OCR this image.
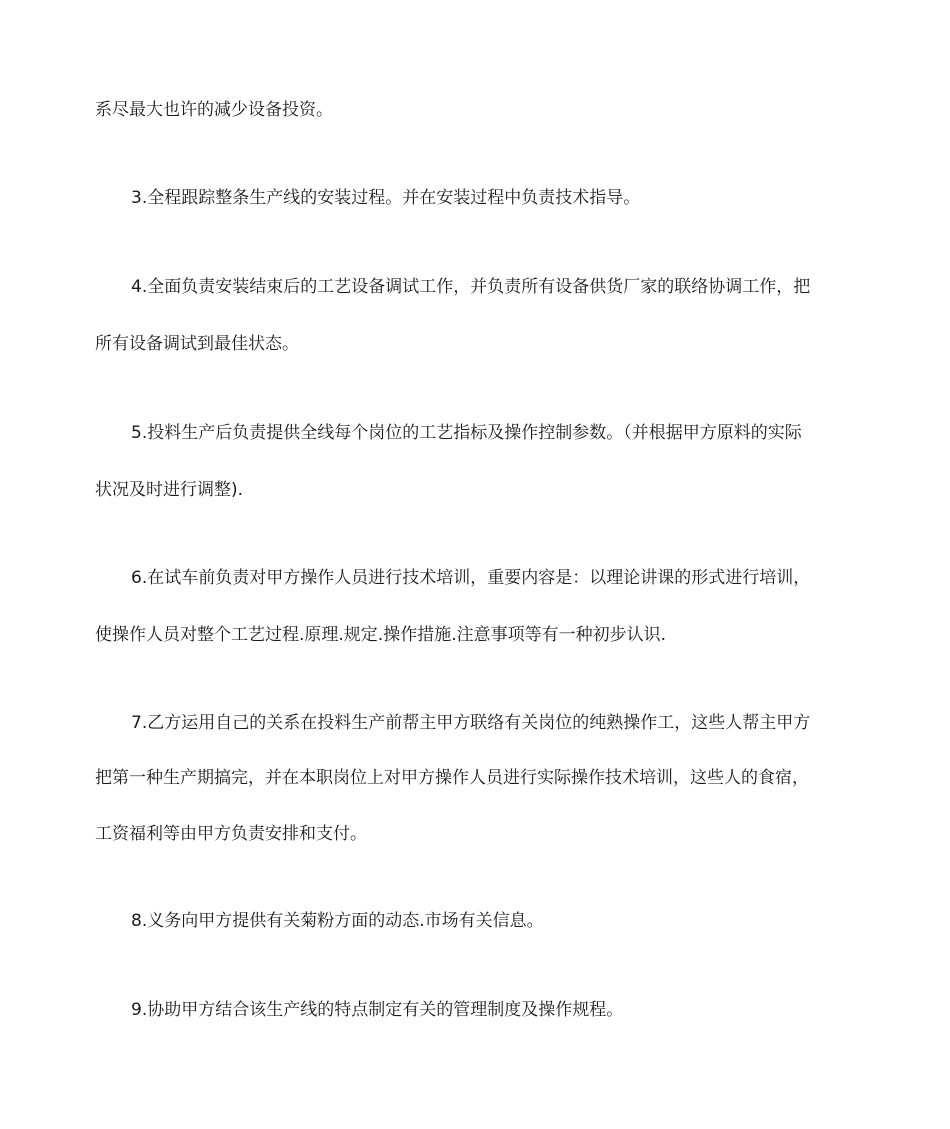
系尽最大也许的减少设备投资。
3.全程跟踪整条生产线的安装过程。并在安装过程中负责技术指导。
4.全面负责安装结束后的工艺设备调试工作，并负责所有设备供货厂家的联络协调工作，把
所有设备调试到最佳状态。
5.投料生产后负责提供全线每个岗位的工艺指标及操作控制参数。（并根据甲方原料的实际
状况及时进行调整).
6.在试车前负责对甲方操作人员进行技术培训，重要内容是：以理论讲课的形式进行培训，
使操作人员对整个工艺过程.原理.规定.操作措施.注意事项等有一种初步认识.
7.乙方运用自己的关系在投料生产前帮主甲方联络有关岗位的纯熟操作工，这些人帮主甲方
把第一种生产期搞完，并在本职岗位上对甲方操作人员进行实际操作技术培训，这些人的食宿，
工资福利等由甲方负责安排和支付。
8.义务向甲方提供有关菊粉方面的动态.市场有关信息。
9.协助甲方结合该生产线的特点制定有关的管理制度及操作规程。
